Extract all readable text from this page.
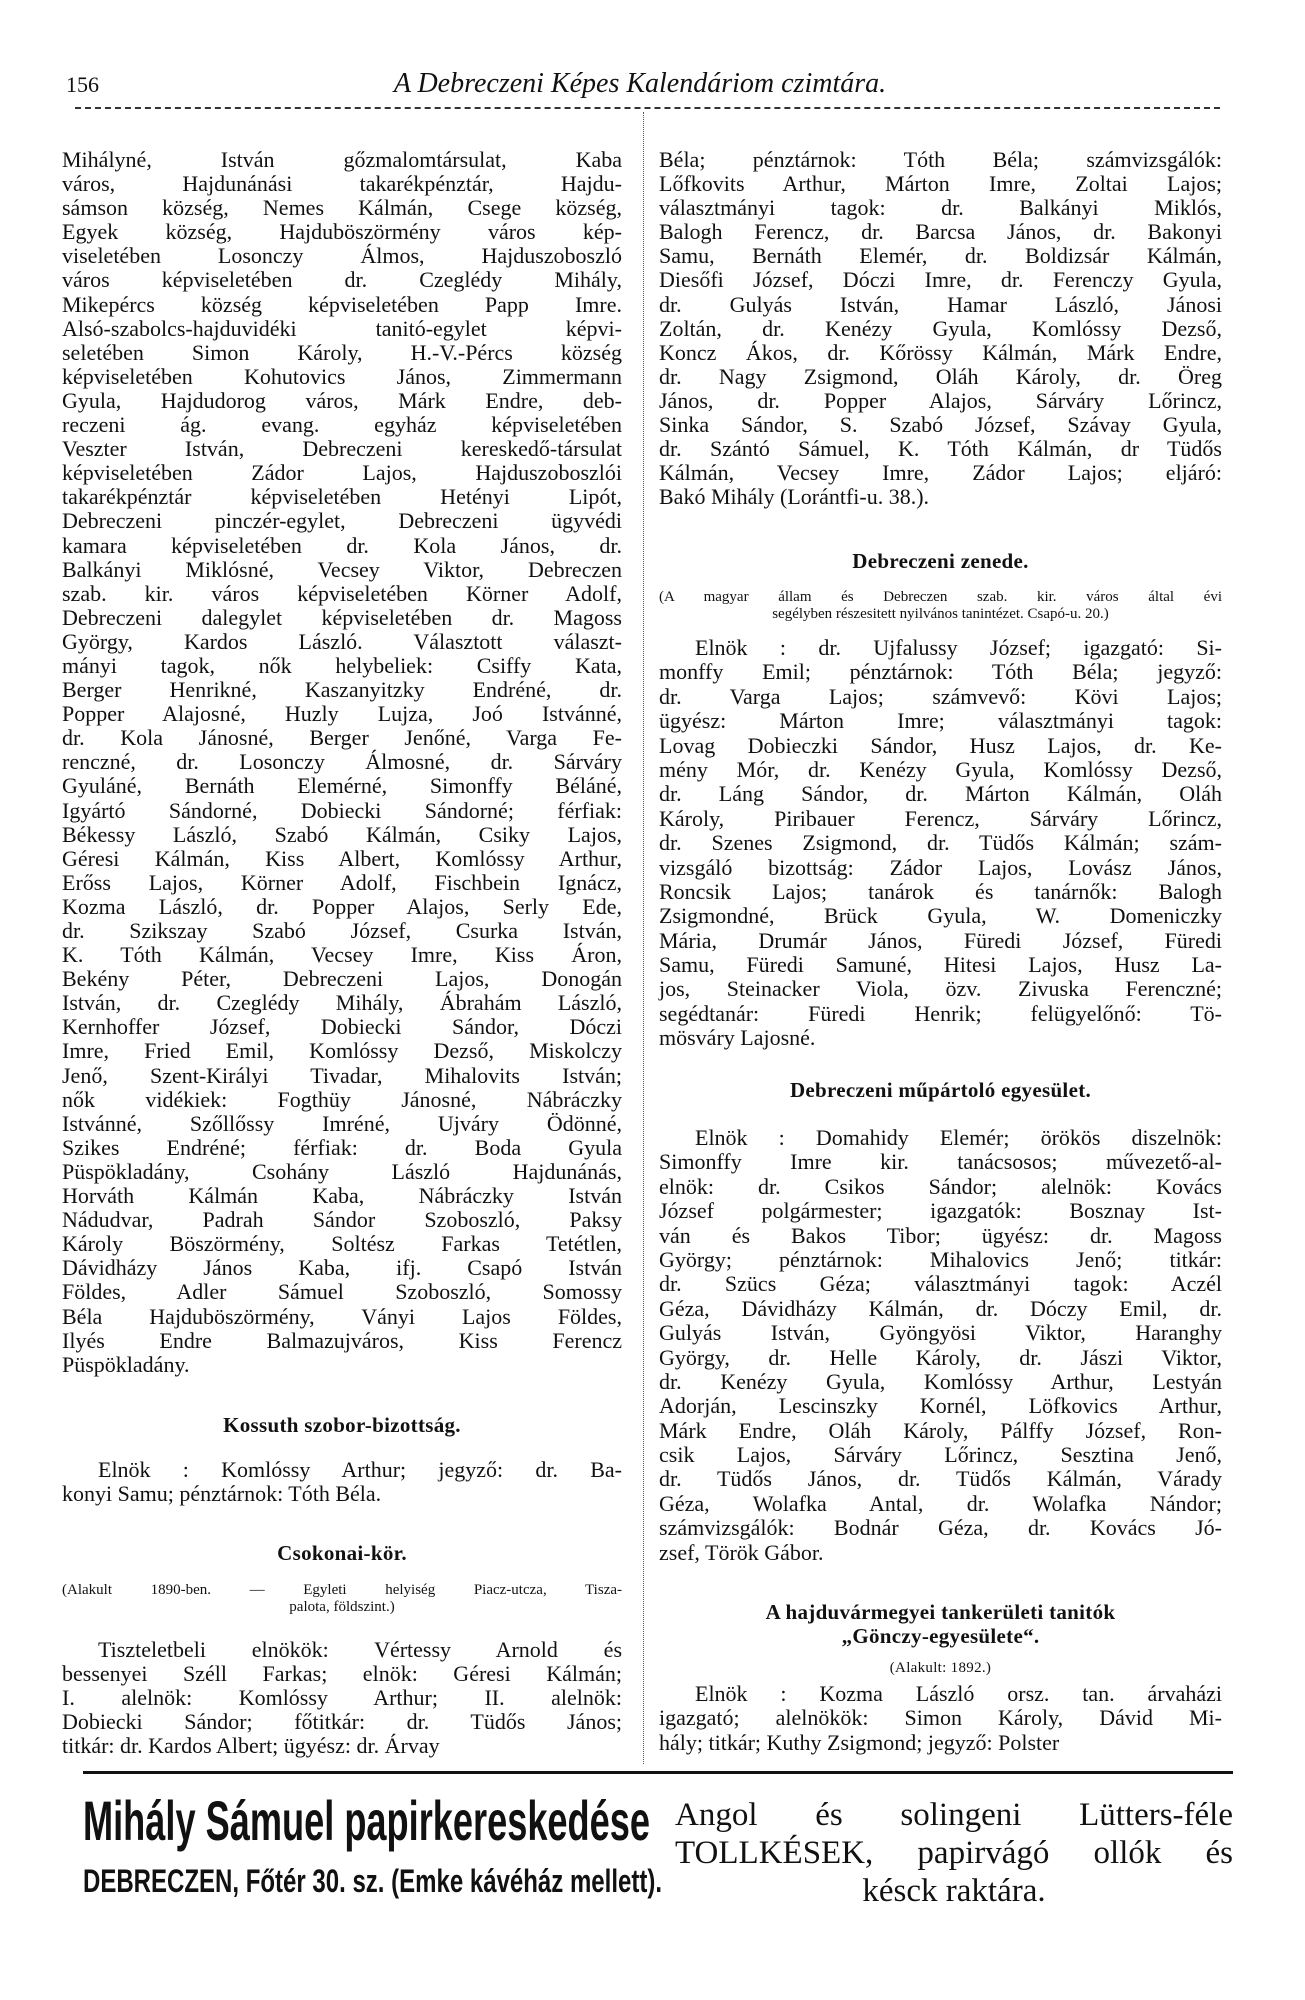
156	A Debreczeni Képes Kalendáriom czimtára.
Mihályné, István gőzmalomtársulat, Kaba
város, Hajdunánási takarékpénztár, Hajdu-
sámson község, Nemes Kálmán, Csege község,
Egyek község, Hajduböszörmény város kép-
viseletében Losonczy Álmos, Hajduszoboszló
város képviseletében dr. Czeglédy Mihály,
Mikepércs község képviseletében Papp Imre.
Alsó-szabolcs-hajduvidéki tanitó-egylet képvi-
seletében Simon Károly, H.-V.-Pércs község
képviseletében Kohutovics János, Zimmermann
Gyula, Hajdudorog város, Márk Endre, deb-
reczeni ág. evang. egyház képviseletében
Veszter István, Debreczeni kereskedő-társulat
képviseletében Zádor Lajos, Hajduszoboszlói
takarékpénztár képviseletében Hetényi Lipót,
Debreczeni pinczér-egylet, Debreczeni ügyvédi
kamara képviseletében dr. Kola János, dr.
Balkányi Miklósné, Vecsey Viktor, Debreczen
szab. kir. város képviseletében Körner Adolf,
Debreczeni dalegylet képviseletében dr. Magoss
György, Kardos László. Választott választ-
mányi tagok, nők helybeliek: Csiffy Kata,
Berger Henrikné, Kaszanyitzky Endréné, dr.
Popper Alajosné, Huzly Lujza, Joó Istvánné,
dr. Kola Jánosné, Berger Jenőné, Varga Fe-
renczné, dr. Losonczy Álmosné, dr. Sárváry
Gyuláné, Bernáth Elemérné, Simonffy Béláné,
Igyártó Sándorné, Dobiecki Sándorné; férfiak:
Békessy László, Szabó Kálmán, Csiky Lajos,
Géresi Kálmán, Kiss Albert, Komlóssy Arthur,
Erőss Lajos, Körner Adolf, Fischbein Ignácz,
Kozma László, dr. Popper Alajos, Serly Ede,
dr. Szikszay Szabó József, Csurka István,
K. Tóth Kálmán, Vecsey Imre, Kiss Áron,
Bekény Péter, Debreczeni Lajos, Donogán
István, dr. Czeglédy Mihály, Ábrahám László,
Kernhoffer József, Dobiecki Sándor, Dóczi
Imre, Fried Emil, Komlóssy Dezső, Miskolczy
Jenő, Szent-Királyi Tivadar, Mihalovits István;
nők vidékiek: Fogthüy Jánosné, Nábráczky
Istvánné, Szőllőssy Imréné, Ujváry Ödönné,
Szikes Endréné; férfiak: dr. Boda Gyula
Püspökladány, Csohány László Hajdunánás,
Horváth Kálmán Kaba, Nábráczky István
Nádudvar, Padrah Sándor Szoboszló, Paksy
Károly Böszörmény, Soltész Farkas Tetétlen,
Dávidházy János Kaba, ifj. Csapó István
Földes, Adler Sámuel Szoboszló, Somossy
Béla Hajduböszörmény, Ványi Lajos Földes,
Ilyés Endre Balmazujváros, Kiss Ferencz
Püspökladány.
Kossuth szobor-bizottság.
Elnök : Komlóssy Arthur; jegyző: dr. Ba-
konyi Samu; pénztárnok: Tóth Béla.
Csokonai-kör.
(Alakult 1890-ben. — Egyleti helyiség Piacz-utcza, Tisza-
palota, földszint.)
Tiszteletbeli elnökök: Vértessy Arnold és
bessenyei Széll Farkas; elnök: Géresi Kálmán;
I. alelnök: Komlóssy Arthur; II. alelnök:
Dobiecki Sándor; főtitkár: dr. Tüdős János;
titkár: dr. Kardos Albert; ügyész: dr. Árvay
Béla; pénztárnok: Tóth Béla; számvizsgálók:
Lőfkovits Arthur, Márton Imre, Zoltai Lajos;
választmányi tagok: dr. Balkányi Miklós,
Balogh Ferencz, dr. Barcsa János, dr. Bakonyi
Samu, Bernáth Elemér, dr. Boldizsár Kálmán,
Diesőfi József, Dóczi Imre, dr. Ferenczy Gyula,
dr. Gulyás István, Hamar László, Jánosi
Zoltán, dr. Kenézy Gyula, Komlóssy Dezső,
Koncz Ákos, dr. Kőrössy Kálmán, Márk Endre,
dr. Nagy Zsigmond, Oláh Károly, dr. Öreg
János, dr. Popper Alajos, Sárváry Lőrincz,
Sinka Sándor, S. Szabó József, Szávay Gyula,
dr. Szántó Sámuel, K. Tóth Kálmán, dr Tüdős
Kálmán, Vecsey Imre, Zádor Lajos; eljáró:
Bakó Mihály (Lorántfi-u. 38.).
Debreczeni zenede.
(A magyar állam és Debreczen szab. kir. város által évi
segélyben részesitett nyilvános tanintézet. Csapó-u. 20.)
Elnök : dr. Ujfalussy József; igazgató: Si-
monffy Emil; pénztárnok: Tóth Béla; jegyző:
dr. Varga Lajos; számvevő: Kövi Lajos;
ügyész: Márton Imre; választmányi tagok:
Lovag Dobieczki Sándor, Husz Lajos, dr. Ke-
mény Mór, dr. Kenézy Gyula, Komlóssy Dezső,
dr. Láng Sándor, dr. Márton Kálmán, Oláh
Károly, Piribauer Ferencz, Sárváry Lőrincz,
dr. Szenes Zsigmond, dr. Tüdős Kálmán; szám-
vizsgáló bizottság: Zádor Lajos, Lovász János,
Roncsik Lajos; tanárok és tanárnők: Balogh
Zsigmondné, Brück Gyula, W. Domeniczky
Mária, Drumár János, Füredi József, Füredi
Samu, Füredi Samuné, Hitesi Lajos, Husz La-
jos, Steinacker Viola, özv. Zivuska Ferenczné;
segédtanár: Füredi Henrik; felügyelőnő: Tö-
mösváry Lajosné.
Debreczeni műpártoló egyesület.
Elnök : Domahidy Elemér; örökös diszelnök:
Simonffy Imre kir. tanácsosos; művezető-al-
elnök: dr. Csikos Sándor; alelnök: Kovács
József polgármester; igazgatók: Bosznay Ist-
ván és Bakos Tibor; ügyész: dr. Magoss
György; pénztárnok: Mihalovics Jenő; titkár:
dr. Szücs Géza; választmányi tagok: Aczél
Géza, Dávidházy Kálmán, dr. Dóczy Emil, dr.
Gulyás István, Gyöngyösi Viktor, Haranghy
György, dr. Helle Károly, dr. Jászi Viktor,
dr. Kenézy Gyula, Komlóssy Arthur, Lestyán
Adorján, Lescinszky Kornél, Löfkovics Arthur,
Márk Endre, Oláh Károly, Pálffy József, Ron-
csik Lajos, Sárváry Lőrincz, Sesztina Jenő,
dr. Tüdős János, dr. Tüdős Kálmán, Várady
Géza, Wolafka Antal, dr. Wolafka Nándor;
számvizsgálók: Bodnár Géza, dr. Kovács Jó-
zsef, Török Gábor.
A hajduvármegyei tankerületi tanitók
„Gönczy-egyesülete“.
(Alakult: 1892.)
Elnök : Kozma László orsz. tan. árvaházi
igazgató; alelnökök: Simon Károly, Dávid Mi-
hály; titkár; Kuthy Zsigmond; jegyző: Polster
Mihály Sámuel papirkereskedése
DEBRECZEN, Főtér 30. sz. (Emke kávéház mellett).
Angol és solingeni Lütters-féle
TOLLKÉSEK, papirvágó ollók és
késck raktára.
